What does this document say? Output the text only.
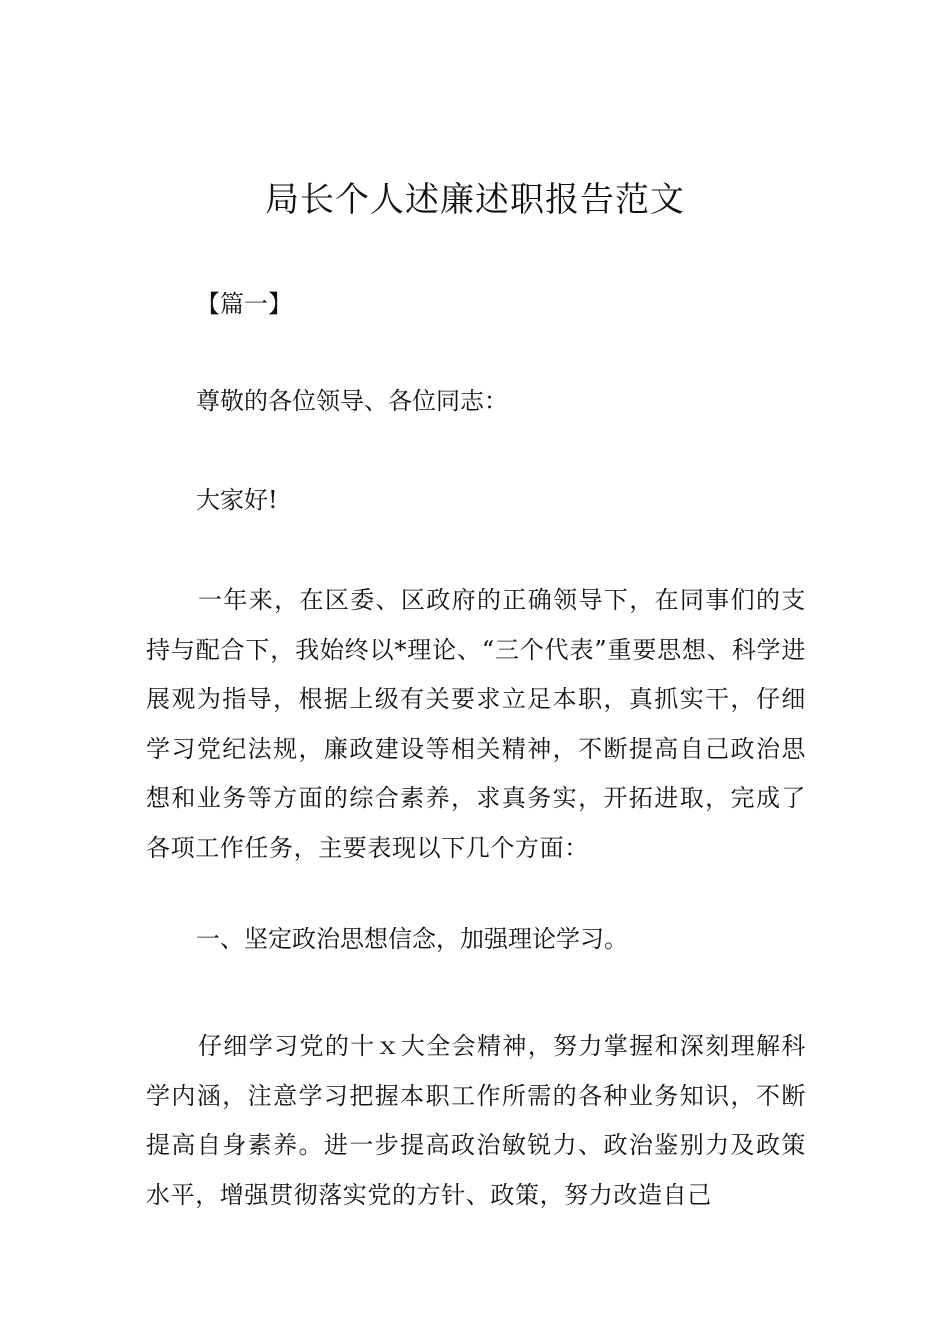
局长个人述廉述职报告范文
【篇一】
尊敬的各位领导、各位同志：
大家好!

一年来，在区委、区政府的正确领导下，在同事们的支持与配合下，我始终以*理论、“三个代表”重要思想、科学进展观为指导，根据上级有关要求立足本职，真抓实干，仔细学习党纪法规，廉政建设等相关精神，不断提高自己政治思想和业务等方面的综合素养，求真务实，开拓进取，完成了各项工作任务，主要表现以下几个方面：

一、坚定政治思想信念，加强理论学习。

仔细学习党的十ｘ大全会精神，努力掌握和深刻理解科学内涵，注意学习把握本职工作所需的各种业务知识，不断提高自身素养。进一步提高政治敏锐力、政治鉴别力及政策水平，增强贯彻落实党的方针、政策，努力改造自己
